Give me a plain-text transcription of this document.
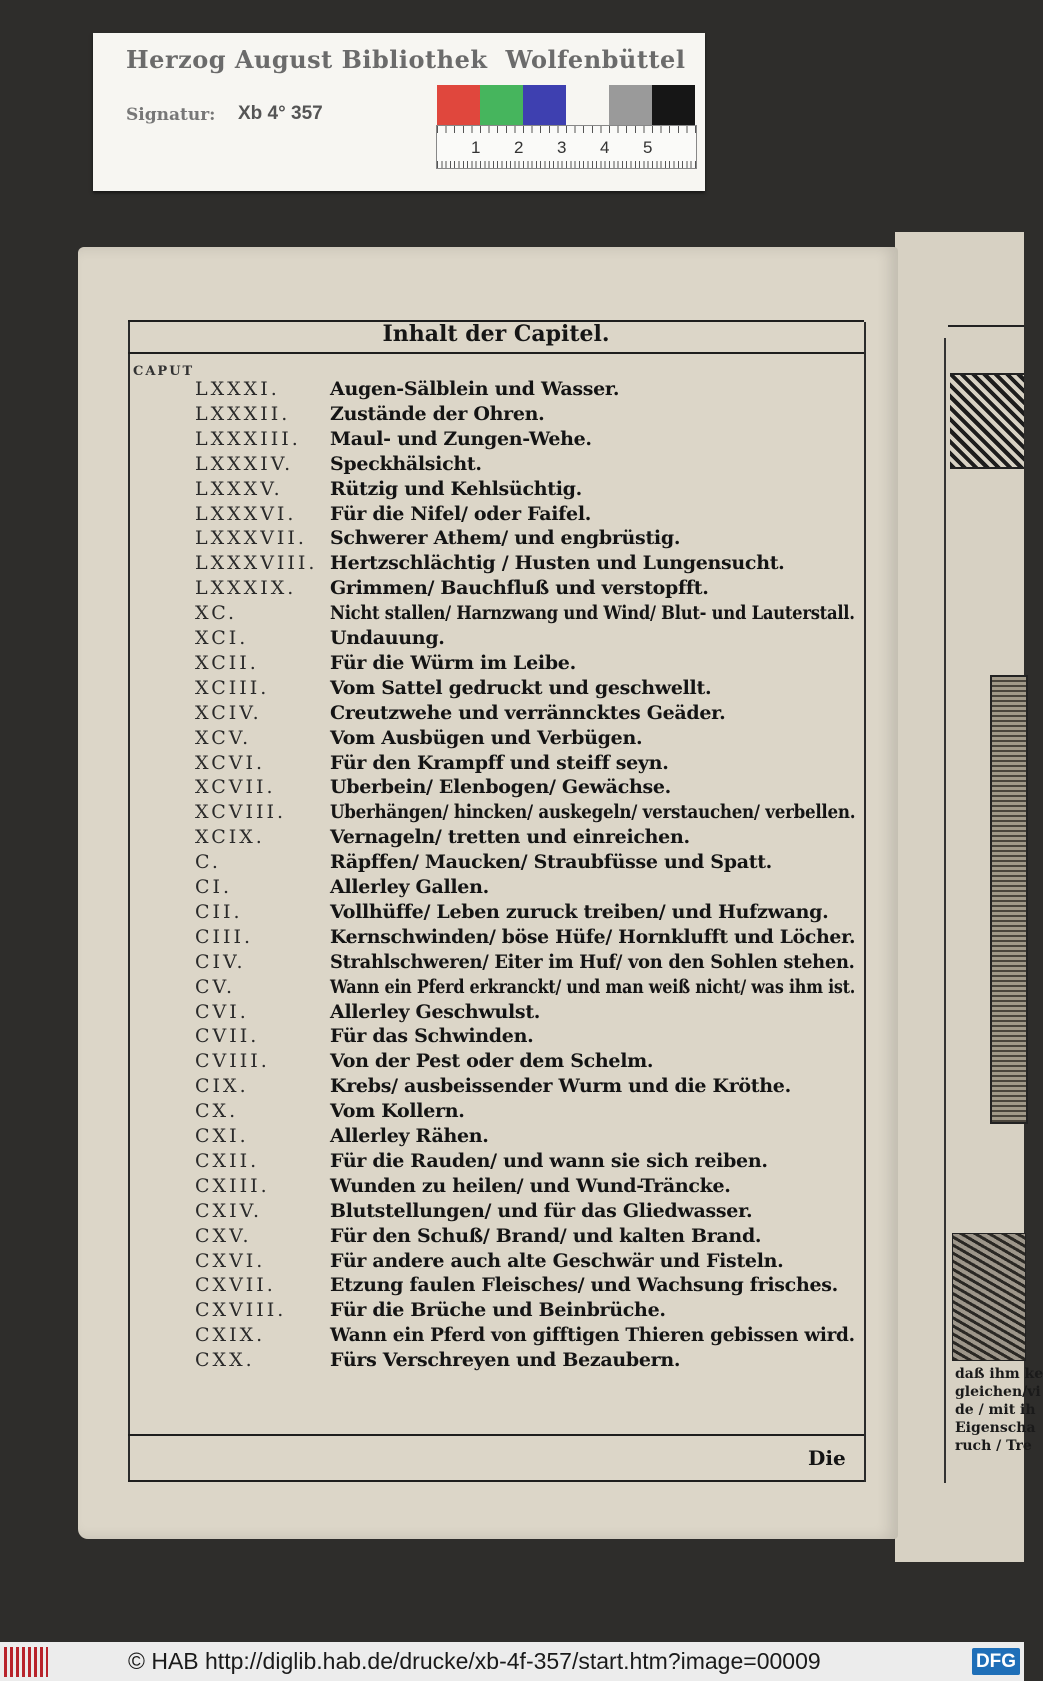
Herzog August Bibliothek Wolfenbüttel
Signatur: Xb 4° 357
1 2 3 4 5
daß ihm ke
gleichen/vi
de / mit ih
Eigenscha
ruch / Tre
Inhalt der Capitel.
CAPUT
LXXXI.	Augen-Sälblein und Wasser.
LXXXII. Zustände der Ohren.
LXXXIII. Maul- und Zungen-Wehe.
LXXXIV. Speckhälsicht.
LXXXV. Rützig und Kehlsüchtig.
LXXXVI. Für die Nifel/ oder Faifel.
LXXXVII. Schwerer Athem/ und engbrüstig.
LXXXVIII. Hertzschlächtig / Husten und Lungensucht.
LXXXIX. Grimmen/ Bauchfluß und verstopfft.
XC.	Nicht stallen/ Harnzwang und Wind/ Blut- und Lauterstall.
XCI.	Undauung.
XCII.	Für die Würm im Leibe.
XCIII.	Vom Sattel gedruckt und geschwellt.
XCIV.	Creutzwehe und verränncktes Geäder.
XCV.	Vom Ausbügen und Verbügen.
XCVI.	Für den Krampff und steiff seyn.
XCVII.	Uberbein/ Elenbogen/ Gewächse.
XCVIII. Uberhängen/ hincken/ auskegeln/ verstauchen/ verbellen.
XCIX.	Vernageln/ tretten und einreichen.
C.	Räpffen/ Maucken/ Straubfüsse und Spatt.
CI.	Allerley Gallen.
CII.	Vollhüffe/ Leben zuruck treiben/ und Hufzwang.
CIII.	Kernschwinden/ böse Hüfe/ Hornklufft und Löcher.
CIV.	Strahlschweren/ Eiter im Huf/ von den Sohlen stehen.
CV.	Wann ein Pferd erkranckt/ und man weiß nicht/ was ihm ist.
CVI.	Allerley Geschwulst.
CVII.	Für das Schwinden.
CVIII.	Von der Pest oder dem Schelm.
CIX.	Krebs/ ausbeissender Wurm und die Kröthe.
CX.	Vom Kollern.
CXI.	Allerley Rähen.
CXII.	Für die Rauden/ und wann sie sich reiben.
CXIII.	Wunden zu heilen/ und Wund-Träncke.
CXIV.	Blutstellungen/ und für das Gliedwasser.
CXV.	Für den Schuß/ Brand/ und kalten Brand.
CXVI.	Für andere auch alte Geschwär und Fisteln.
CXVII.	Etzung faulen Fleisches/ und Wachsung frisches.
CXVIII. Für die Brüche und Beinbrüche.
CXIX.	Wann ein Pferd von gifftigen Thieren gebissen wird.
CXX.	Fürs Verschreyen und Bezaubern.
Die
© HAB http://diglib.hab.de/drucke/xb-4f-357/start.htm?image=00009	DFG
